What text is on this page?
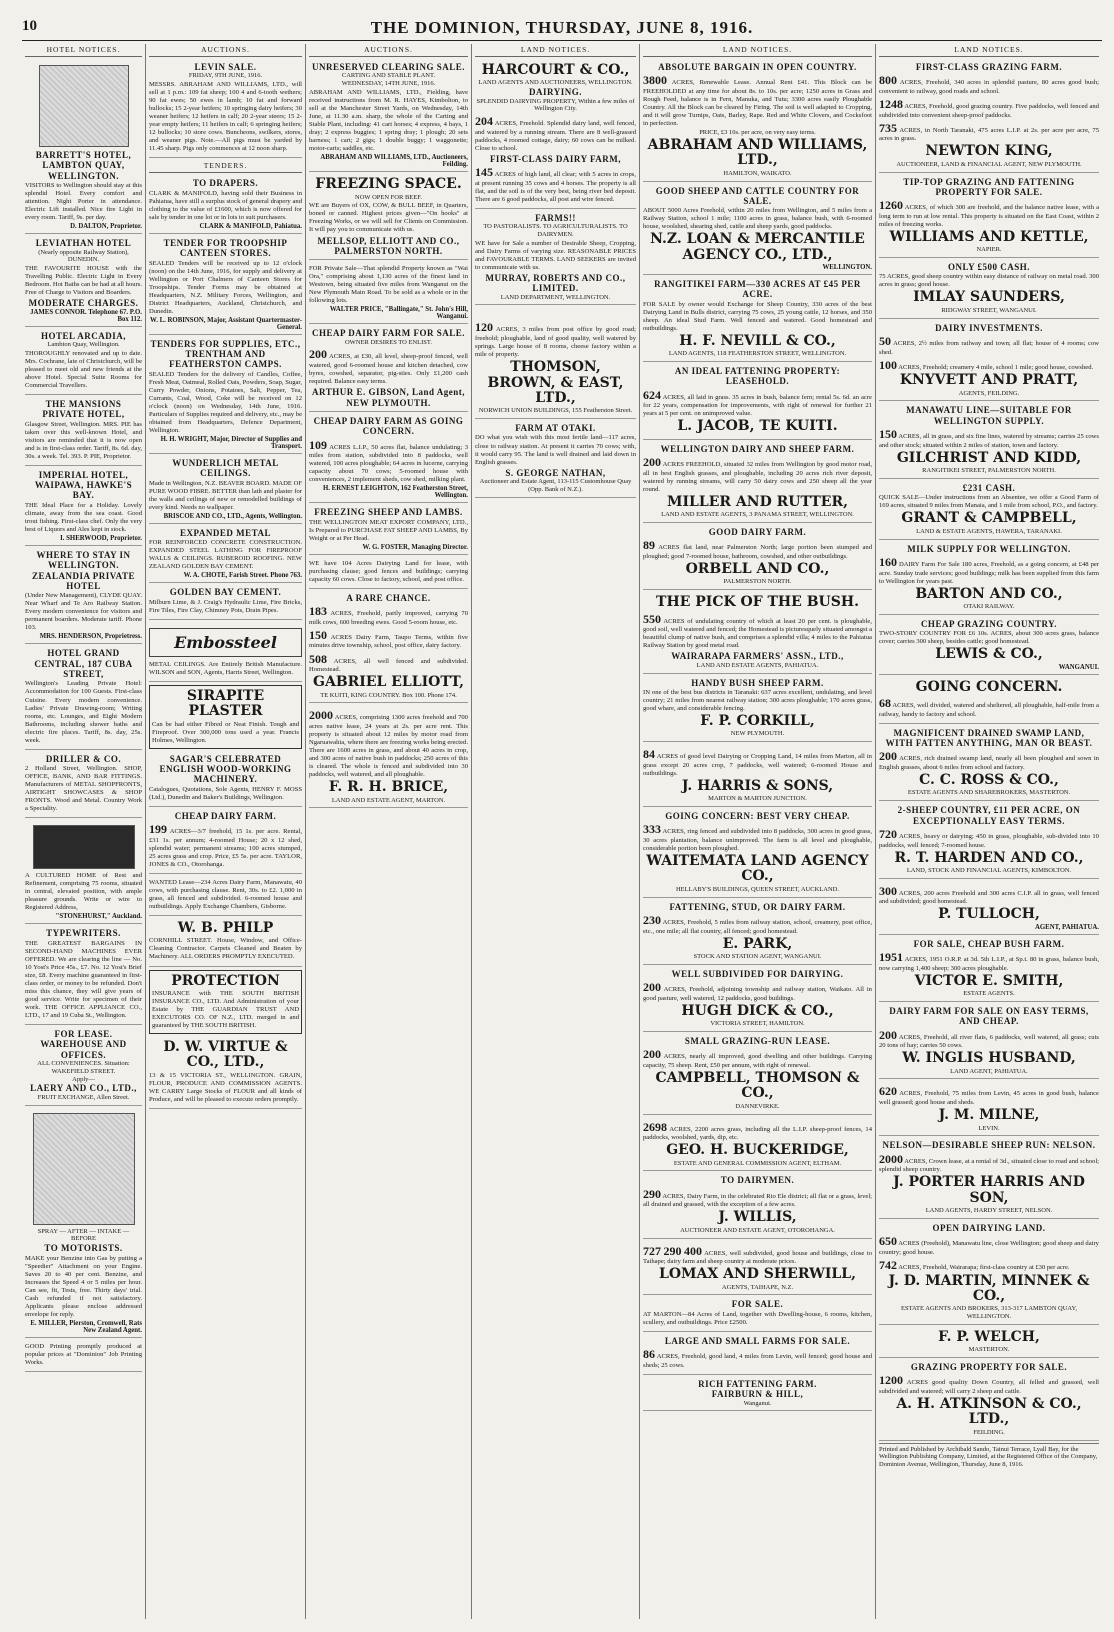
10	THE DOMINION, THURSDAY, JUNE 8, 1916.
HOTEL NOTICES.
BARRETT'S HOTEL, LAMBTON QUAY, WELLINGTON.

VISITORS to Wellington should stay at this splendid Hotel. Every comfort and attention. Night Porter in attendance. Electric Lift installed. Nice fire Light in every room. Tariff, 9s. per day.

D. DALTON, Proprietor.
LEVIATHAN HOTEL
(Nearly opposite Railway Station), DUNEDIN.

THE FAVOURITE HOUSE with the Travelling Public. Electric Light in Every Bedroom. Hot Baths can be had at all hours. Free of Charge to Visitors and Boarders.

MODERATE CHARGES.
JAMES CONNOR. Telephone 67. P.O. Box 112.
HOTEL ARCADIA,
Lambton Quay, Wellington.

THOROUGHLY renovated and up to date. Mrs. Cochrane, late of Christchurch, will be pleased to meet old and new friends at the above Hotel. Special Suite Rooms for Commercial Travellers.

THE MANSIONS PRIVATE HOTEL,

Glasgow Street, Wellington. MRS. PIE has taken over this well-known Hotel, and visitors are reminded that it is now open and is in first-class order. Tariff, 8s. 6d. day, 30s. a week. Tel. 393. P. PIE, Proprietor.

IMPERIAL HOTEL, WAIPAWA, HAWKE'S BAY.

THE Ideal Place for a Holiday. Lovely climate, away from the sea coast. Good trout fishing. First-class chef. Only the very best of Liquors and Ales kept in stock.

I. SHERWOOD, Proprietor.
WHERE TO STAY IN WELLINGTON.
ZEALANDIA PRIVATE HOTEL

(Under New Management), CLYDE QUAY. Near Wharf and Te Aro Railway Station. Every modern convenience for visitors and permanent boarders. Moderate tariff. Phone 103.

MRS. HENDERSON, Proprietress.
HOTEL GRAND CENTRAL, 187 CUBA STREET,

Wellington's Leading Private Hotel: Accommodation for 100 Guests. First-class Cuisine. Every modern convenience. Ladies' Private Drawing-room; Writing rooms, etc. Lounges, and Eight Modern Bathrooms, including shower baths and electric fire places. Tariff, 8s. day, 25s. week.

DRILLER & CO.

2 Holland Street, Wellington. SHOP, OFFICE, BANK, AND BAR FITTINGS. Manufacturers of METAL SHOPFRONTS, AIRTIGHT SHOWCASES & SHOP FRONTS. Wood and Metal. Country Work a Speciality.

A CULTURED HOME of Rest and Refinement, comprising 75 rooms, situated in central, elevated position, with ample pleasure grounds. Write or wire to Registered Address,

"STONEHURST," Auckland.
TYPEWRITERS.

THE GREATEST BARGAINS IN SECOND-HAND MACHINES EVER OFFERED. We are clearing the line — No. 10 Yost's Price 45s., £7. No. 12 Yost's Brief size, £8. Every machine guaranteed in first-class order, or money to be refunded. Don't miss this chance, they will give years of good service. Write for specimen of their work. THE OFFICE APPLIANCE CO., LTD., 17 and 19 Cuba St., Wellington.

FOR LEASE.
WAREHOUSE AND OFFICES.
ALL CONVENIENCES. Situation: WAKEFIELD STREET.
Apply—
LAERY AND CO., LTD.,
FRUIT EXCHANGE, Allen Street.
SPRAY — AFTER — INTAKE — BEFORE
TO MOTORISTS.

MAKE your Benzine into Gas by putting a "Speedier" Attachment on your Engine. Saves 20 to 40 per cent. Benzine, and Increases the Speed 4 or 5 miles per hour. Can see, fit, Tests, free. Thirty days' trial. Cash refunded if not satisfactory. Applicants please enclose addressed envelope for reply.

E. MILLER, Pierston, Cromwell, Rats New Zealand Agent.

GOOD Printing promptly produced at popular prices at "Dominion" Job Printing Works.

AUCTIONS.
LEVIN SALE.
FRIDAY, 9TH JUNE, 1916.

MESSRS. ABRAHAM AND WILLIAMS, LTD., will sell at 1 p.m.: 109 fat sheep; 100 4 and 6-tooth wethers; 90 fat ewes; 50 ewes in lamb; 10 fat and forward bullocks; 15 2-year heifers; 10 springing dairy heifers; 30 weaner heifers; 12 heifers in calf; 20 2-year steers; 15 2-year empty heifers; 11 heifers in calf; 6 springing heifers; 12 bullocks; 10 store cows. Buncheons, swilkers, stores, and weaner pigs. Note.—All pigs must be yarded by 11.45 sharp. Pigs only commences at 12 noon sharp.

TENDERS.
TO DRAPERS.

CLARK & MANIFOLD, having sold their Business in Pahiatua, have still a surplus stock of general drapery and clothing to the value of £1600, which is now offered for sale by tender in one lot or in lots to suit purchasers.

CLARK & MANIFOLD, Pahiatua.
TENDER FOR TROOPSHIP CANTEEN STORES.

SEALED Tenders will be received up to 12 o'clock (noon) on the 14th June, 1916, for supply and delivery at Wellington or Port Chalmers of Canteen Stores for Troopships. Tender Forms may be obtained at Headquarters, N.Z. Military Forces, Wellington, and District Headquarters, Auckland, Christchurch, and Dunedin.

W. L. ROBINSON, Major, Assistant Quartermaster-General.
TENDERS FOR SUPPLIES, ETC., TRENTHAM AND FEATHERSTON CAMPS.

SEALED Tenders for the delivery of Candles, Coffee, Fresh Meat, Oatmeal, Rolled Oats, Powders, Soap, Sugar, Curry Powder, Onions, Potatoes, Salt, Pepper, Tea, Currants, Coal, Wood, Coke will be received on 12 o'clock (noon) on Wednesday, 14th June, 1916. Particulars of Supplies required and delivery, etc., may be obtained from Headquarters, Defence Department, Wellington.

H. H. WRIGHT, Major, Director of Supplies and Transport.
WUNDERLICH METAL CEILINGS.

Made in Wellington, N.Z. BEAVER BOARD. MADE OF PURE WOOD FIBRE. BETTER than lath and plaster for the walls and ceilings of new or remodelled buildings of every kind. Needs no wallpaper.

BRISCOE AND CO., LTD., Agents, Wellington.
EXPANDED METAL

FOR REINFORCED CONCRETE CONSTRUCTION. EXPANDED STEEL LATHING FOR FIREPROOF WALLS & CEILINGS. RUBEROID ROOFING. NEW ZEALAND GOLDEN BAY CEMENT.

W. A. CHOTE, Farish Street. Phone 763.
GOLDEN BAY CEMENT.

Milburn Lime, & J. Craig's Hydraulic Lime, Fire Bricks, Fire Tiles, Fire Clay, Chimney Pots, Drain Pipes.

Embossteel

METAL CEILINGS. Are Entirely British Manufacture. WILSON and SON, Agents, Harris Street, Wellington.

SIRAPITE PLASTER

Can be had either Fibred or Neat Finish. Tough and Fireproof. Over 300,000 tons used a year. Francis Holmes, Wellington.

SAGAR'S CELEBRATED ENGLISH WOOD-WORKING MACHINERY.

Catalogues, Quotations, Sole Agents, HENRY F. MOSS (Ltd.), Dunedin and Baker's Buildings, Wellington.

CHEAP DAIRY FARM.

199 ACRES—3/7 freehold, 15 1s. per acre. Rental, £31 1s. per annum; 4-roomed House; 20 x 12 shed, splendid water; permanent streams; 100 acres stumped, 25 acres grass and crop. Price, £5 5s. per acre. TAYLOR, JONES & CO., Otorohanga.

WANTED Lease—234 Acres Dairy Farm, Manawatu, 40 cows, with purchasing clause. Rent, 30s. to £2. 1,000 in grass, all fenced and subdivided. 6-roomed house and outbuildings. Apply Exchange Chambers, Gisborne.

W. B. PHILP

CORNHILL STREET. House, Window, and Office-Cleaning Contractor. Carpets Cleaned and Beaten by Machinery. ALL ORDERS PROMPTLY EXECUTED.

PROTECTION

INSURANCE with THE SOUTH BRITISH INSURANCE CO., LTD. And Administration of your Estate by THE GUARDIAN TRUST AND EXECUTORS CO. OF N.Z., LTD. merged in and guaranteed by THE SOUTH BRITISH.

D. W. VIRTUE & CO., LTD.,

13 & 15 VICTORIA ST., WELLINGTON. GRAIN, FLOUR, PRODUCE AND COMMISSION AGENTS. WE CARRY Large Stocks of FLOUR and all kinds of Produce, and will be pleased to execute orders promptly.

AUCTIONS.
UNRESERVED CLEARING SALE.
CARTING AND STABLE PLANT.
WEDNESDAY, 14TH JUNE, 1916.

ABRAHAM AND WILLIAMS, LTD., Fielding, have received instructions from M. R. HAYES, Kimbolton, to sell at the Manchester Street Yards, on Wednesday, 14th June, at 11.30 a.m. sharp, the whole of the Carting and Stable Plant, including: 41 cart horses; 4 express, 4 bays, 1 dray; 2 express buggies; 1 spring dray; 1 plough; 20 sets harness; 1 cart; 2 gigs; 1 double buggy; 1 waggonette; motor-carts; saddles, etc.

ABRAHAM AND WILLIAMS, LTD., Auctioneers, Feilding.
FREEZING SPACE.
NOW OPEN FOR BEEF.

WE are Buyers of OX, COW, & BULL BEEF, in Quarters, boned or canned. Highest prices given—"On hooks" at Freezing Works, or we will sell for Clients on Commission. It will pay you to communicate with us.

MELLSOP, ELLIOTT AND CO., PALMERSTON NORTH.

FOR Private Sale—That splendid Property known as "Wai Ora," comprising about 1,130 acres of the finest land in Westown, being situated five miles from Wanganui on the New Plymouth Main Road. To be sold as a whole or in the following lots.

WALTER PRICE, "Ballingate," St. John's Hill, Wanganui.
CHEAP DAIRY FARM FOR SALE.
OWNER DESIRES TO ENLIST.

200 ACRES, at £30, all level, sheep-proof fenced, well watered, good 6-roomed house and kitchen detached, cow byres, cowshed, separator, pig-sties. Only £1,200 cash required. Balance easy terms.

ARTHUR E. GIBSON, Land Agent, NEW PLYMOUTH.
CHEAP DAIRY FARM AS GOING CONCERN.

109 ACRES L.I.P., 50 acres flat, balance undulating; 3 miles from station, subdivided into 8 paddocks, well watered, 100 acres ploughable; 64 acres in lucerne, carrying capacity about 70 cows; 5-roomed house with conveniences, 2 implement sheds, cow shed, milking plant.

H. ERNEST LEIGHTON, 162 Featherston Street, Wellington.
FREEZING SHEEP AND LAMBS.

THE WELLINGTON MEAT EXPORT COMPANY, LTD., Is Prepared to PURCHASE FAT SHEEP AND LAMBS, By Weight or at Per Head.

W. G. FOSTER, Managing Director.

WE have 104 Acres Dairying Land for lease, with purchasing clause; good fences and buildings; carrying capacity 60 cows. Close to factory, school, and post office.

A RARE CHANCE.

183 ACRES, Freehold, partly improved, carrying 70 milk cows, 600 breeding ewes. Good 5-room house, etc.

150 ACRES Dairy Farm, Taupo Terms, within five minutes drive township, school, post office, dairy factory.

508 ACRES, all well fenced and subdivided. Homestead.

GABRIEL ELLIOTT,
TE KUITI, KING COUNTRY. Box 100. Phone 174.

2000 ACRES, comprising 1300 acres freehold and 700 acres native lease, 24 years at 2s. per acre rent. This property is situated about 12 miles by motor road from Ngaruawahia, where there are freezing works being erected. There are 1600 acres in grass, and about 40 acres in crop, and 300 acres of native bush in paddocks; 250 acres of this is cleared. The whole is fenced and subdivided into 30 paddocks, well watered, and all ploughable.

F. R. H. BRICE,
LAND AND ESTATE AGENT, MARTON.
LAND NOTICES.
HARCOURT & CO.,
LAND AGENTS AND AUCTIONEERS, WELLINGTON.
DAIRYING.
SPLENDID DAIRYING PROPERTY, Within a few miles of Wellington City.

204 ACRES, Freehold. Splendid dairy land, well fenced, and watered by a running stream. There are 8 well-grassed paddocks, 4 roomed cottage, dairy; 60 cows can be milked. Close to school.

FIRST-CLASS DAIRY FARM,

145 ACRES of high land, all clear; with 5 acres in crops, at present running 35 cows and 4 horses. The property is all flat, and the soil is of the very best, being river bed deposit. There are 6 good paddocks, all post and wire fenced.

FARMS!!
TO PASTORALISTS. TO AGRICULTURALISTS. TO DAIRYMEN.

WE have for Sale a number of Desirable Sheep, Cropping, and Dairy Farms of varying size. REASONABLE PRICES and FAVOURABLE TERMS. LAND SEEKERS are invited to communicate with us.

MURRAY, ROBERTS AND CO., LIMITED.
LAND DEPARTMENT, WELLINGTON.

120 ACRES, 3 miles from post office by good road; freehold; ploughable, land of good quality, well watered by springs. Large house of 8 rooms, cheese factory within a mile of property.

THOMSON, BROWN, & EAST, LTD.,
NORWICH UNION BUILDINGS, 155 Featherston Street.
FARM AT OTAKI.

DO what you wish with this most fertile land—117 acres, close to railway station. At present it carries 70 cows; with, it would carry 95. The land is well drained and laid down in English grasses.

S. GEORGE NATHAN,
Auctioneer and Estate Agent, 113-115 Customhouse Quay (Opp. Bank of N.Z.).
LAND NOTICES.
ABSOLUTE BARGAIN IN OPEN COUNTRY.

3800 ACRES, Renewable Lease. Annual Rent £41. This Block can be FREEHOLDED at any time for about 8s. to 10s. per acre; 1250 acres in Grass and Rough Feed, balance is in Fern, Manuka, and Tutu; 3300 acres easily Ploughable Country. All the Block can be cleared by Firing. The soil is well adapted to Cropping, and it will grow Turnips, Oats, Barley, Rape. Red and White Clovers, and Cocksfoot in perfection.

PRICE, £3 10s. per acre, on very easy terms.
ABRAHAM AND WILLIAMS, LTD.,
HAMILTON, WAIKATO.
GOOD SHEEP AND CATTLE COUNTRY FOR SALE.

ABOUT 5000 Acres Freehold, within 20 miles from Wellington, and 5 miles from a Railway Station, school 1 mile; 1100 acres in grass, balance bush, with 6-roomed house, woolshed, shearing shed, cattle and sheep yards, good paddocks.

N.Z. LOAN & MERCANTILE AGENCY CO., LTD.,
WELLINGTON.
RANGITIKEI FARM—330 ACRES AT £45 PER ACRE.

FOR SALE by owner would Exchange for Sheep Country, 330 acres of the best Dairying Land in Bulls district, carrying 75 cows, 25 young cattle, 12 horses, and 350 sheep. An ideal Stud Farm. Well fenced and watered. Good homestead and outbuildings.

H. F. NEVILL & CO.,
LAND AGENTS, 118 FEATHERSTON STREET, WELLINGTON.
AN IDEAL FATTENING PROPERTY: LEASEHOLD.

624 ACRES, all laid in grass. 35 acres in bush, balance fern; rental 5s. 6d. an acre for 22 years, compensation for improvements, with right of renewal for further 21 years at 5 per cent. on unimproved value.

L. JACOB, TE KUITI.
WELLINGTON DAIRY AND SHEEP FARM.

200 ACRES FREEHOLD, situated 32 miles from Wellington by good motor road, all in best English grasses, and ploughable, including 20 acres rich river deposit, watered by running streams, will carry 50 dairy cows and 250 sheep all the year round.

MILLER AND RUTTER,
LAND AND ESTATE AGENTS, 3 PANAMA STREET, WELLINGTON.
GOOD DAIRY FARM.

89 ACRES flat land, near Palmerston North; large portion been stumped and ploughed; good 7-roomed house, bathroom, cowshed, and other outbuildings.

ORBELL AND CO.,
PALMERSTON NORTH.
THE PICK OF THE BUSH.

550 ACRES of undulating country of which at least 20 per cent. is ploughable, good soil, well watered and fenced; the Homestead is picturesquely situated amongst a beautiful clump of native bush, and comprises a splendid villa; 4 miles to the Pahiatua Railway Station by good metal road.

WAIRARAPA FARMERS' ASSN., LTD.,
LAND AND ESTATE AGENTS, PAHIATUA.
HANDY BUSH SHEEP FARM.

IN one of the best bus districts in Taranaki: 637 acres excellent, undulating, and level country; 21 miles from nearest railway station; 300 acres ploughable; 170 acres grass, good whare, and considerable fencing.

F. P. CORKILL,
NEW PLYMOUTH.

84 ACRES of good level Dairying or Cropping Land, 14 miles from Marton, all in grass except 20 acres crop, 7 paddocks, well watered; 6-roomed House and outbuildings.

J. HARRIS & SONS,
MARTON & MARTON JUNCTION.
GOING CONCERN: BEST VERY CHEAP.

333 ACRES, ring fenced and subdivided into 8 paddocks, 300 acres in good grass, 30 acres plantation, balance unimproved. The farm is all level and ploughable, considerable portion been ploughed.

WAITEMATA LAND AGENCY CO.,
HELLABY'S BUILDINGS, QUEEN STREET, AUCKLAND.
FATTENING, STUD, OR DAIRY FARM.

230 ACRES, Freehold, 5 miles from railway station, school, creamery, post office, etc., one mile; all flat country, all fenced; good homestead.

E. PARK,
STOCK AND STATION AGENT, WANGANUI.
WELL SUBDIVIDED FOR DAIRYING.

200 ACRES, Freehold, adjoining township and railway station, Waikato. All in good pasture, well watered, 12 paddocks, good buildings.

HUGH DICK & CO.,
VICTORIA STREET, HAMILTON.
SMALL GRAZING-RUN LEASE.

200 ACRES, nearly all improved, good dwelling and other buildings. Carrying capacity, 75 sheep. Rent, £50 per annum, with right of renewal.

CAMPBELL, THOMSON & CO.,
DANNEVIRKE.

2698 ACRES, 2200 acres grass, including all the L.I.P. sheep-proof fences, 14 paddocks, woolshed, yards, dip, etc.

GEO. H. BUCKERIDGE,
ESTATE AND GENERAL COMMISSION AGENT, ELTHAM.
TO DAIRYMEN.

290 ACRES, Dairy Farm, in the celebrated Rio Ele district; all flat or a grass, level; all drained and grassed, with the exception of a few acres.

J. WILLIS,
AUCTIONEER AND ESTATE AGENT, OTOROHANGA.

727 290 400 ACRES, well subdivided, good house and buildings, close to Taihape; dairy farm and sheep country at moderate prices.

LOMAX AND SHERWILL,
AGENTS, TAIHAPE, N.Z.
FOR SALE.

AT MARTON—84 Acres of Land, together with Dwelling-house, 6 rooms, kitchen, scullery, and outbuildings. Price £2500.

LARGE AND SMALL FARMS FOR SALE.

86 ACRES, Freehold, good land, 4 miles from Levin, well fenced; good house and sheds; 25 cows.

RICH FATTENING FARM.
FAIRBURN & HILL,
Wanganui.
LAND NOTICES.
FIRST-CLASS GRAZING FARM.

800 ACRES, Freehold, 340 acres in splendid pasture, 80 acres good bush; convenient to railway, good roads and school.

1248 ACRES, Freehold, good grazing country. Five paddocks, well fenced and subdivided into convenient sheep-proof paddocks.

735 ACRES, in North Taranaki, 475 acres L.I.P. at 2s. per acre per acre, 75 acres in grass.

NEWTON KING,
AUCTIONEER, LAND & FINANCIAL AGENT, NEW PLYMOUTH.
TIP-TOP GRAZING AND FATTENING PROPERTY FOR SALE.

1260 ACRES, of which 300 are freehold, and the balance native lease, with a long term to run at low rental. This property is situated on the East Coast, within 2 miles of freezing works.

WILLIAMS AND KETTLE,
NAPIER.
ONLY £500 CASH.

75 ACRES, good sheep country within easy distance of railway on metal road. 300 acres in grass; good house.

IMLAY SAUNDERS,
RIDGWAY STREET, WANGANUI.
DAIRY INVESTMENTS.

50 ACRES, 2½ miles from railway and town; all flat; house of 4 rooms; cow shed.

100 ACRES, Freehold; creamery 4 mile, school 1 mile; good house, cowshed.

KNYVETT AND PRATT,
AGENTS, FEILDING.
MANAWATU LINE—SUITABLE FOR WELLINGTON SUPPLY.

150 ACRES, all in grass, and six fine lines, watered by streams; carries 25 cows and other stock; situated within 2 miles of station, town and factory.

GILCHRIST AND KIDD,
RANGITIKEI STREET, PALMERSTON NORTH.
£231 CASH.

QUICK SALE—Under instructions from an Absentee, we offer a Good Farm of 169 acres, situated 9 miles from Manaia, and 1 mile from school, P.O., and factory.

GRANT & CAMPBELL,
LAND & ESTATE AGENTS, HAWERA, TARANAKI.
MILK SUPPLY FOR WELLINGTON.

160 DAIRY Farm For Sale 180 acres, Freehold, as a going concern, at £48 per acre. Sunday trade services; good buildings; milk has been supplied from this farm to Wellington for years past.

BARTON AND CO.,
OTAKI RAILWAY.
CHEAP GRAZING COUNTRY.

TWO-STORY COUNTRY FOR £6 10s. ACRES, about 300 acres grass, balance cover; carries 300 sheep, besides cattle; good homestead.

LEWIS & CO.,
WANGANUI.
GOING CONCERN.

68 ACRES, well divided, watered and sheltered, all ploughable, half-mile from a railway, handy to factory and school.

MAGNIFICENT DRAINED SWAMP LAND, WITH FATTEN ANYTHING, MAN OR BEAST.

200 ACRES, rich drained swamp land, nearly all been ploughed and sown in English grasses, about 6 miles from school and factory.

C. C. ROSS & CO.,
ESTATE AGENTS AND SHAREBROKERS, MASTERTON.
2-SHEEP COUNTRY, £11 PER ACRE, ON EXCEPTIONALLY EASY TERMS.

720 ACRES, heavy or dairying; 450 in grass, ploughable, sub-divided into 10 paddocks, well fenced; 7-roomed house.

R. T. HARDEN AND CO.,
LAND, STOCK AND FINANCIAL AGENTS, KIMBOLTON.

300 ACRES, 200 acres Freehold and 300 acres C.I.P. all in grass, well fenced and subdivided; good homestead.

P. TULLOCH,
AGENT, PAHIATUA.
FOR SALE, CHEAP BUSH FARM.

1951 ACRES, 1951 O.R.P. at 3d. 5th L.I.P., at Sp.t. 80 in grass, balance bush, now carrying 1,400 sheep; 300 acres ploughable.

VICTOR E. SMITH,
ESTATE AGENTS.
DAIRY FARM FOR SALE ON EASY TERMS, AND CHEAP.

200 ACRES, Freehold, all river flats, 6 paddocks, well watered, all grass; cuts 20 tons of hay; carries 50 cows.

W. INGLIS HUSBAND,
LAND AGENT, PAHIATUA.

620 ACRES, Freehold, 75 miles from Levin, 45 acres in good bush, balance well grassed; good house and sheds.

J. M. MILNE,
LEVIN.
NELSON—DESIRABLE SHEEP RUN: NELSON.

2000 ACRES, Crown lease, at a rental of 3d., situated close to road and school; splendid sheep country.

J. PORTER HARRIS AND SON,
LAND AGENTS, HARDY STREET, NELSON.
OPEN DAIRYING LAND.

650 ACRES (Freehold), Manawatu line, close Wellington; good sheep and dairy country; good house.

742 ACRES, Freehold, Wairarapa; first-class country at £30 per acre.

J. D. MARTIN, MINNEK & CO.,
ESTATE AGENTS AND BROKERS, 313-317 LAMBTON QUAY, WELLINGTON.
F. P. WELCH,
MASTERTON.
GRAZING PROPERTY FOR SALE.

1200 ACRES good quality Down Country, all felled and grassed, well subdivided and watered; will carry 2 sheep and cattle.

A. H. ATKINSON & CO., LTD.,
FEILDING.
Printed and Published by Archibald Sando, Tainui Terrace, Lyall Bay, for the Wellington Publishing Company, Limited, at the Registered Office of the Company, Dominion Avenue, Wellington, Thursday, June 8, 1916.
